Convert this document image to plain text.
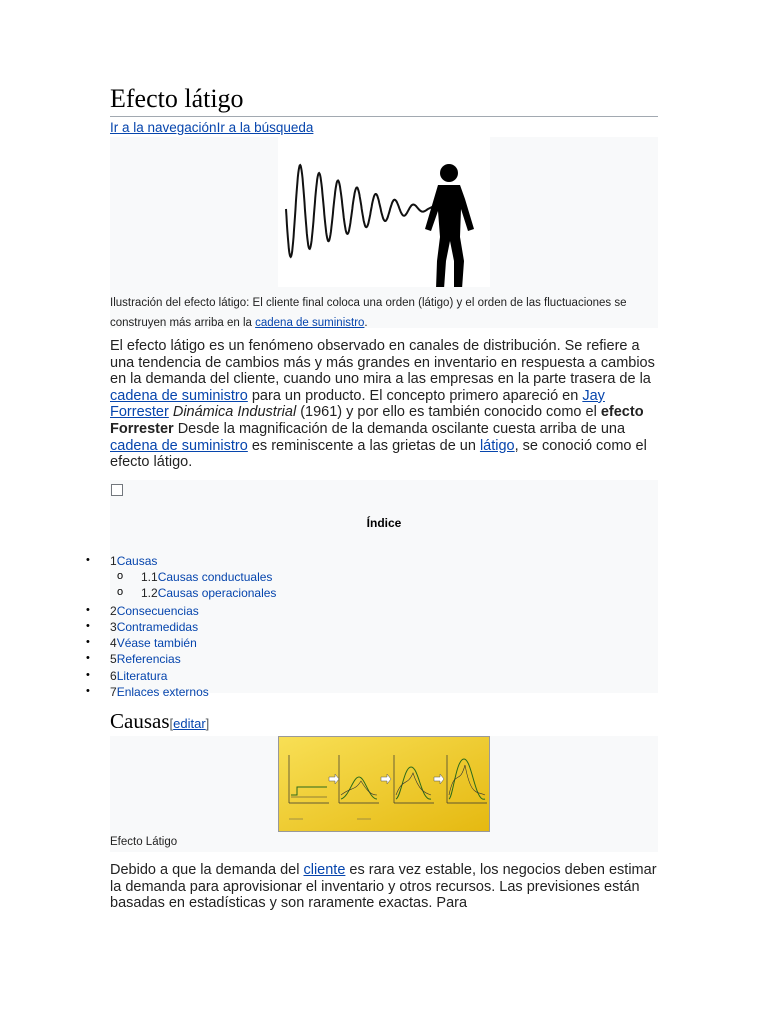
Efecto látigo
Ir a la navegaciónIr a la búsqueda
Ilustración del efecto látigo: El cliente final coloca una orden (látigo) y el orden de las fluctuaciones se construyen más arriba en la cadena de suministro.
El efecto látigo es un fenómeno observado en canales de distribución. Se refiere a una tendencia de cambios más y más grandes en inventario en respuesta a cambios en la demanda del cliente, cuando uno mira a las empresas en la parte trasera de la cadena de suministro para un producto. El concepto primero apareció en Jay Forrester Dinámica Industrial (1961) y por ello es también conocido como el efecto Forrester Desde la magnificación de la demanda oscilante cuesta arriba de una cadena de suministro es reminiscente a las grietas de un látigo, se conoció como el efecto látigo.
Índice
• 1Causas
o 1.1Causas conductuales
o 1.2Causas operacionales
• 2Consecuencias
• 3Contramedidas
• 4Véase también
• 5Referencias
• 6Literatura
• 7Enlaces externos
Causas[editar]
Efecto Látigo
Debido a que la demanda del cliente es rara vez estable, los negocios deben estimar la demanda para aprovisionar el inventario y otros recursos. Las previsiones están basadas en estadísticas y son raramente exactas. Para
